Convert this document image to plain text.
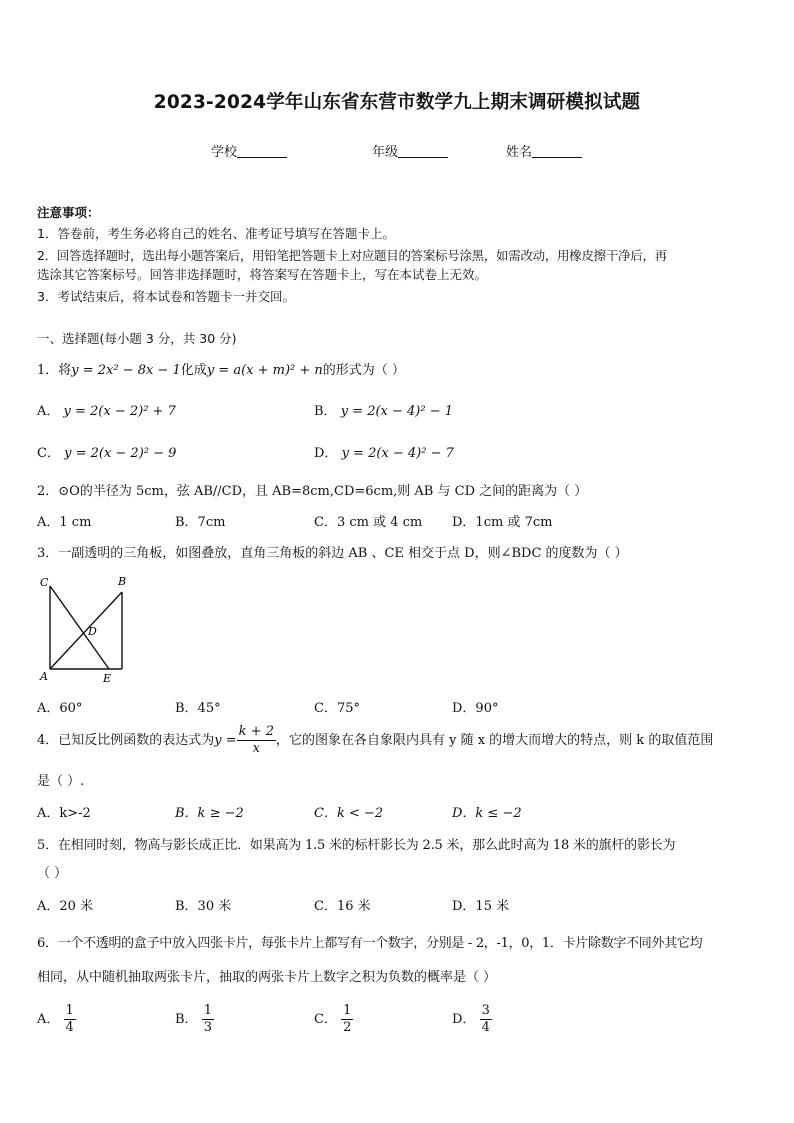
2023-2024学年山东省东营市数学九上期末调研模拟试题
学校	年级	姓名
注意事项：
1．答卷前，考生务必将自己的姓名、准考证号填写在答题卡上。
2．回答选择题时，选出每小题答案后，用铅笔把答题卡上对应题目的答案标号涂黑，如需改动，用橡皮擦干净后，再
选涂其它答案标号。回答非选择题时，将答案写在答题卡上，写在本试卷上无效。
3．考试结束后，将本试卷和答题卡一并交回。
一、选择题(每小题 3 分，共 30 分)
1．将y = 2x² − 8x − 1化成y = a(x + m)² + n的形式为（ ）
A． y = 2(x − 2)² + 7	B． y = 2(x − 4)² − 1
C． y = 2(x − 2)² − 9	D． y = 2(x − 4)² − 7
2．⊙O的半径为 5cm，弦 AB//CD，且 AB=8cm,CD=6cm,则 AB 与 CD 之间的距离为（ ）
A．1 cm	B．7cm	C．3 cm 或 4 cm D．1cm 或 7cm
3．一副透明的三角板，如图叠放，直角三角板的斜边 AB 、CE 相交于点 D，则∠BDC 的度数为（ ）
C	B
D
A	E
A．60°	B．45°	C．75°	D．90°
4．已知反比例函数的表达式为$y = \frac{k + 2}{x}$ ，它的图象在各自象限内具有 y 随 x 的增大而增大的特点，则 k 的取值范围
是（ ）.
A．k>-2	B．k ≥ −2	C．k < −2	D．k ≤ −2
5．在相同时刻，物高与影长成正比．如果高为 1.5 米的标杆影长为 2.5 米，那么此时高为 18 米的旗杆的影长为
（ ）
A．20 米	B．30 米	C．16 米	D．15 米
6．一个不透明的盒子中放入四张卡片，每张卡片上都写有一个数字，分别是 - 2，-1，0，1．卡片除数字不同外其它均
相同，从中随机抽取两张卡片，抽取的两张卡片上数字之积为负数的概率是（ ）
A． $\frac{1}{4}$	B． $\frac{1}{3}$	C． $\frac{1}{2}$	D． $\frac{3}{4}$
